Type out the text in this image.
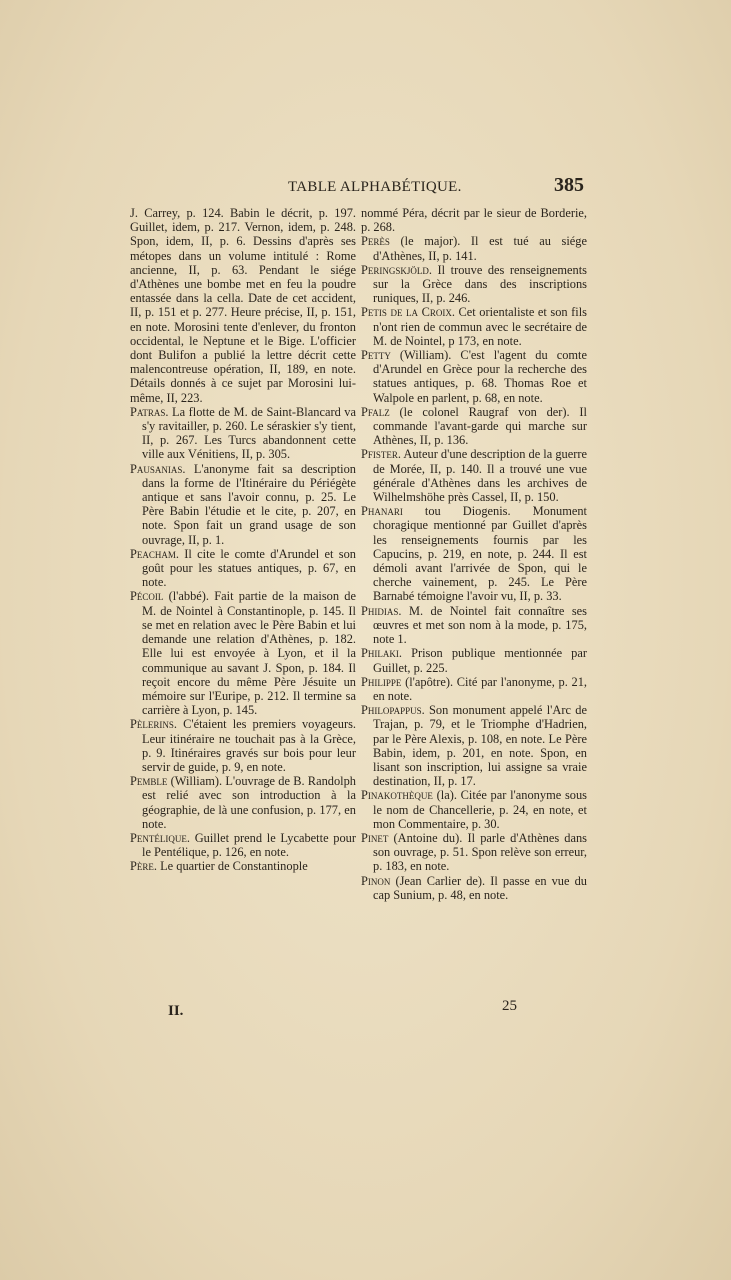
TABLE ALPHABÉTIQUE.	385

J. Carrey, p. 124. Babin le décrit, p. 197. Guillet, idem, p. 217. Vernon, idem, p. 248. Spon, idem, II, p. 6. Dessins d'après ses métopes dans un volume intitulé : Rome ancienne, II, p. 63. Pendant le siége d'Athènes une bombe met en feu la poudre entassée dans la cella. Date de cet accident, II, p. 151 et p. 277. Heure précise, II, p. 151, en note. Morosini tente d'enlever, du fronton occidental, le Neptune et le Bige. L'officier dont Bulifon a publié la lettre décrit cette malencontreuse opération, II, 189, en note. Détails donnés à ce sujet par Morosini lui-même, II, 223.

Patras. La flotte de M. de Saint-Blancard va s'y ravitailler, p. 260. Le séraskier s'y tient, II, p. 267. Les Turcs abandonnent cette ville aux Vénitiens, II, p. 305.

Pausanias. L'anonyme fait sa description dans la forme de l'Itinéraire du Périégète antique et sans l'avoir connu, p. 25. Le Père Babin l'étudie et le cite, p. 207, en note. Spon fait un grand usage de son ouvrage, II, p. 1.

Peacham. Il cite le comte d'Arundel et son goût pour les statues antiques, p. 67, en note.

Pécoil (l'abbé). Fait partie de la maison de M. de Nointel à Constantinople, p. 145. Il se met en relation avec le Père Babin et lui demande une relation d'Athènes, p. 182. Elle lui est envoyée à Lyon, et il la communique au savant J. Spon, p. 184. Il reçoit encore du même Père Jésuite un mémoire sur l'Euripe, p. 212. Il termine sa carrière à Lyon, p. 145.

Pèlerins. C'étaient les premiers voyageurs. Leur itinéraire ne touchait pas à la Grèce, p. 9. Itinéraires gravés sur bois pour leur servir de guide, p. 9, en note.

Pemble (William). L'ouvrage de B. Randolph est relié avec son introduction à la géographie, de là une confusion, p. 177, en note.

Pentélique. Guillet prend le Lycabette pour le Pentélique, p. 126, en note.

Père. Le quartier de Constantinople

nommé Péra, décrit par le sieur de Borderie, p. 268.

Perès (le major). Il est tué au siége d'Athènes, II, p. 141.

Peringskjöld. Il trouve des renseignements sur la Grèce dans des inscriptions runiques, II, p. 246.

Petis de la Croix. Cet orientaliste et son fils n'ont rien de commun avec le secrétaire de M. de Nointel, p 173, en note.

Petty (William). C'est l'agent du comte d'Arundel en Grèce pour la recherche des statues antiques, p. 68. Thomas Roe et Walpole en parlent, p. 68, en note.

Pfalz (le colonel Raugraf von der). Il commande l'avant-garde qui marche sur Athènes, II, p. 136.

Pfister. Auteur d'une description de la guerre de Morée, II, p. 140. Il a trouvé une vue générale d'Athènes dans les archives de Wilhelmshöhe près Cassel, II, p. 150.

Phanari tou Diogenis. Monument choragique mentionné par Guillet d'après les renseignements fournis par les Capucins, p. 219, en note, p. 244. Il est démoli avant l'arrivée de Spon, qui le cherche vainement, p. 245. Le Père Barnabé témoigne l'avoir vu, II, p. 33.

Phidias. M. de Nointel fait connaître ses œuvres et met son nom à la mode, p. 175, note 1.

Philaki. Prison publique mentionnée par Guillet, p. 225.

Philippe (l'apôtre). Cité par l'anonyme, p. 21, en note.

Philopappus. Son monument appelé l'Arc de Trajan, p. 79, et le Triomphe d'Hadrien, par le Père Alexis, p. 108, en note. Le Père Babin, idem, p. 201, en note. Spon, en lisant son inscription, lui assigne sa vraie destination, II, p. 17.

Pinakothèque (la). Citée par l'anonyme sous le nom de Chancellerie, p. 24, en note, et mon Commentaire, p. 30.

Pinet (Antoine du). Il parle d'Athènes dans son ouvrage, p. 51. Spon relève son erreur, p. 183, en note.

Pinon (Jean Carlier de). Il passe en vue du cap Sunium, p. 48, en note.

II.	25
